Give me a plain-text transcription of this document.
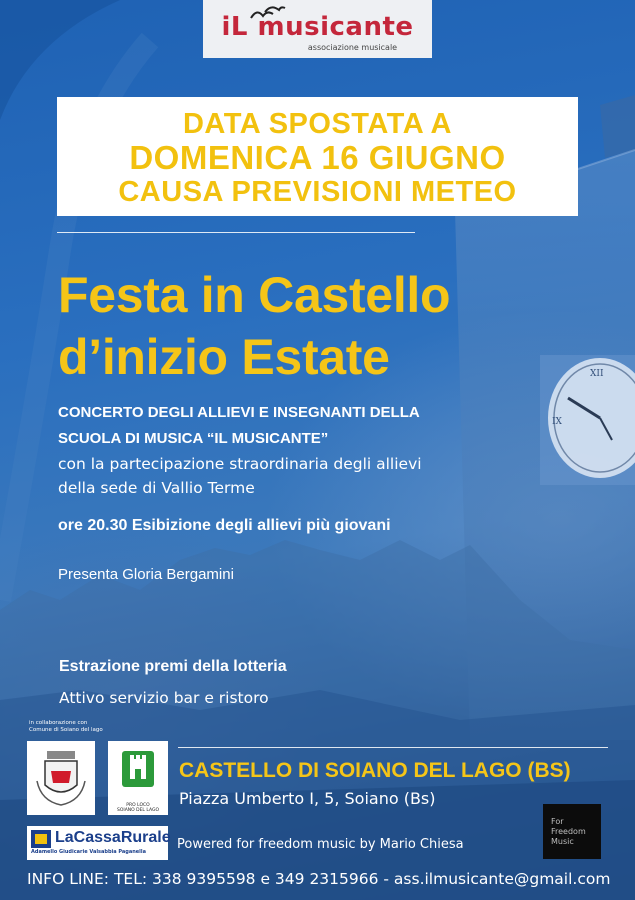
XII
IX
iL musicante
associazione musicale
DATA SPOSTATA A
DOMENICA 16 GIUGNO
CAUSA PREVISIONI METEO
Festa in Castello
d’inizio Estate
CONCERTO DEGLI ALLIEVI E INSEGNANTI DELLA
SCUOLA DI MUSICA “IL MUSICANTE”
con la partecipazione straordinaria degli allievi
della sede di Vallio Terme
ore 20.30 Esibizione degli allievi più giovani
Presenta Gloria Bergamini
Estrazione premi della lotteria
Attivo servizio bar e ristoro
in collaborazione con
Comune di Soiano del lago
PRO LOCO
SOIANO DEL LAGO
LaCassaRurale
Adamello Giudicarie Valsabbia Paganella
CASTELLO DI SOIANO DEL LAGO (BS)
Piazza Umberto I, 5, Soiano (Bs)
For
Freedom
Music
Powered for freedom music by Mario Chiesa
INFO LINE: TEL: 338 9395598 e 349 2315966 - ass.ilmusicante@gmail.com
